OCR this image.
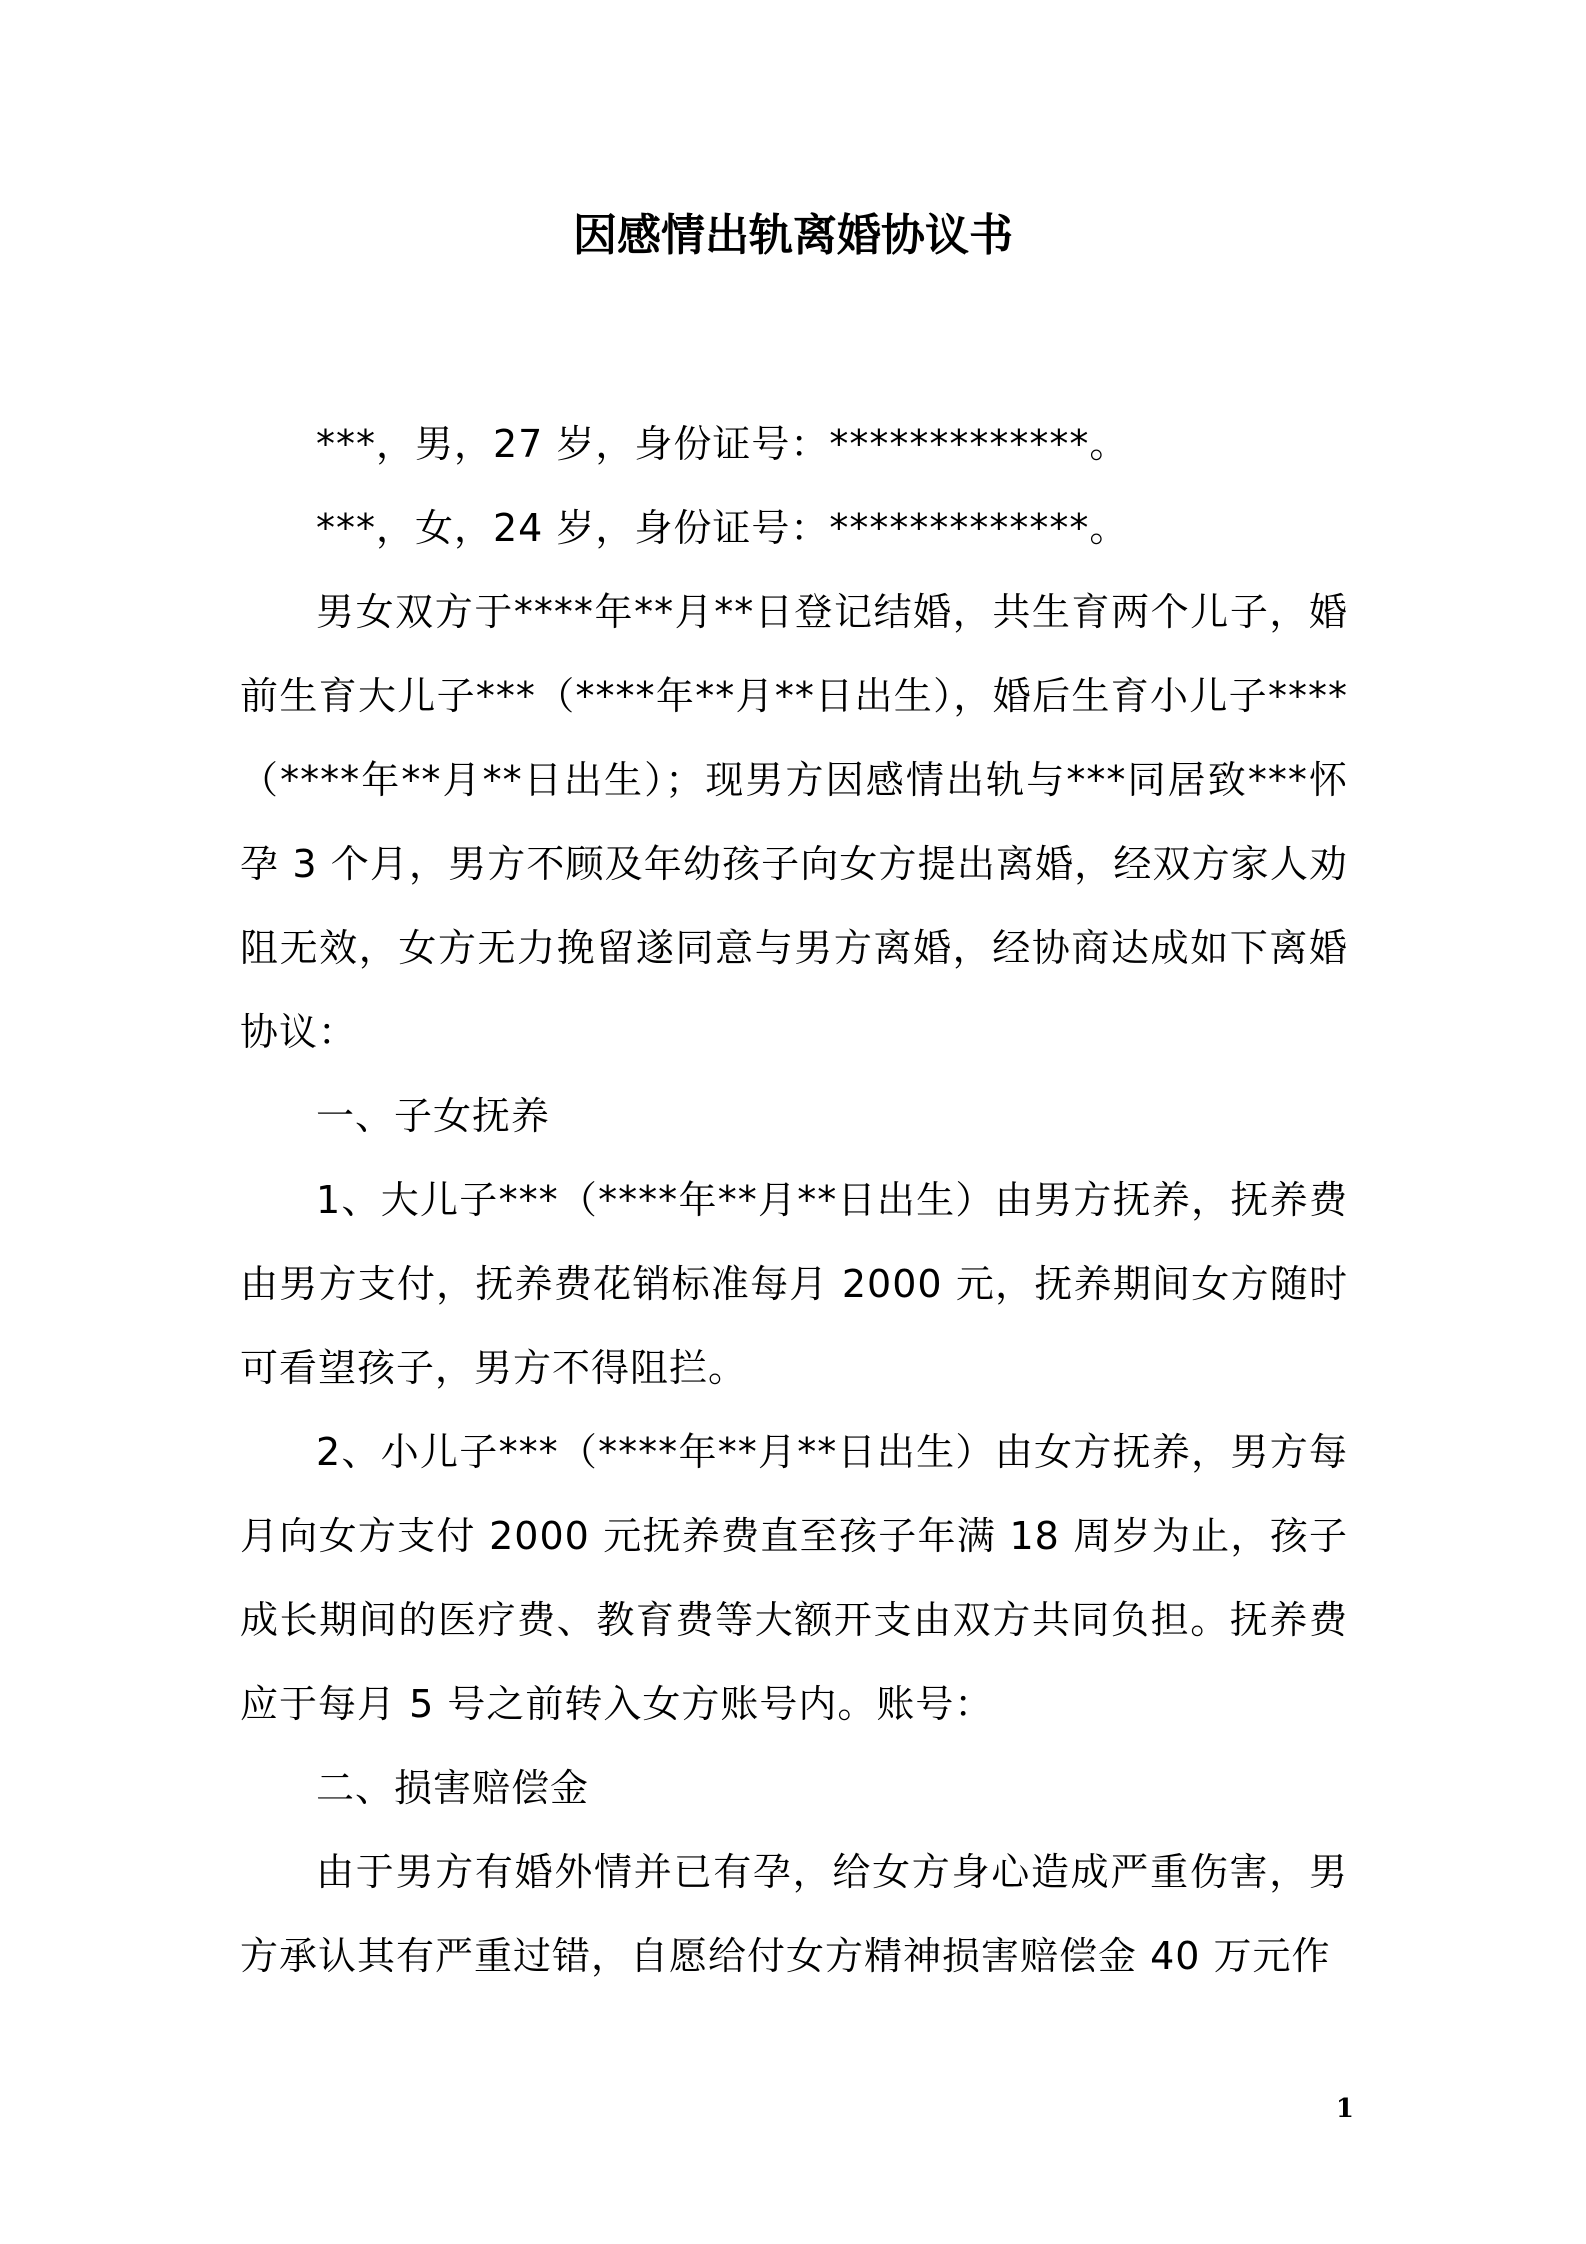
因感情出轨离婚协议书

***，男，27 岁，身份证号：*************。

***，女，24 岁，身份证号：*************。

男女双方于****年**月**日登记结婚，共生育两个儿子，婚前生育大儿子***（****年**月**日出生），婚后生育小儿子****（****年**月**日出生）；现男方因感情出轨与***同居致***怀孕 3 个月，男方不顾及年幼孩子向女方提出离婚，经双方家人劝阻无效，女方无力挽留遂同意与男方离婚，经协商达成如下离婚协议：

一、子女抚养

1、大儿子***（****年**月**日出生）由男方抚养，抚养费由男方支付，抚养费花销标准每月 2000 元，抚养期间女方随时可看望孩子，男方不得阻拦。

2、小儿子***（****年**月**日出生）由女方抚养，男方每月向女方支付 2000 元抚养费直至孩子年满 18 周岁为止，孩子成长期间的医疗费、教育费等大额开支由双方共同负担。抚养费应于每月 5 号之前转入女方账号内。账号：

二、损害赔偿金

由于男方有婚外情并已有孕，给女方身心造成严重伤害，男方承认其有严重过错，自愿给付女方精神损害赔偿金 40 万元作

1
